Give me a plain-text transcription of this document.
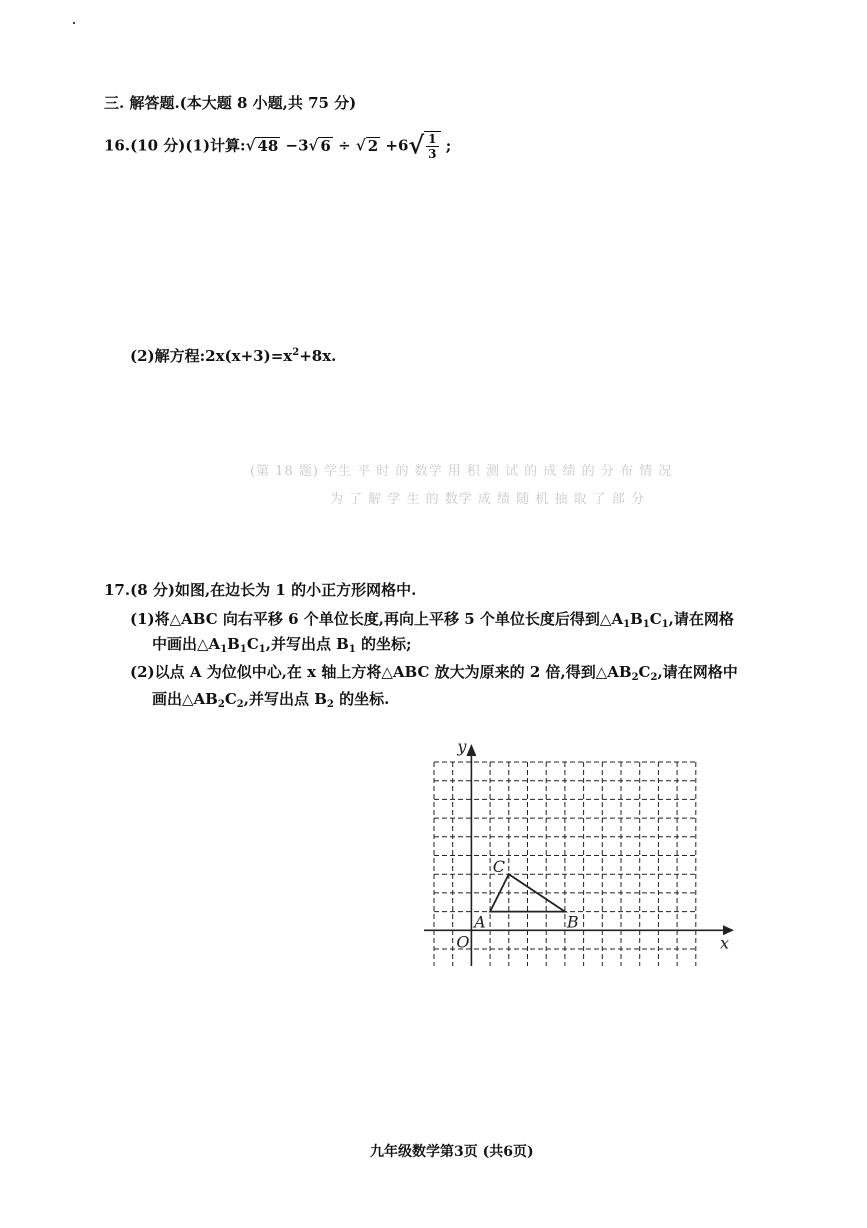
三. 解答题.(本大题 8 小题,共 75 分)
16.(10 分)(1)计算:√ 48 −3√ 6 ÷ √ $2 +6√ \frac{1}{3}$ ;
(2)解方程$:2x(x+3)=x^2+8x$.
(第 18 题) 学生 平 时 的 数学 用 积 测 试 的 成 绩 的 分 布 情 况
为 了 解 学 生 的 数学 成 绩 随 机 抽 取 了 部 分
17.(8 分)如图,在边长为 1 的小正方形网格中.
(1)将△ABC 向右平移 6 个单位长度,再向上平移 5 个单位长度后得到$\triangle A_1B_1C_1$,请在网格
中画出$\triangle A_1B_1C_1$,并写出点 $B_1$ 的坐标;
(2)以点 A 为位似中心,在 x 轴上方将△ABC 放大为原来的 2 倍,得到$\triangle AB_2C_2$,请在网格中
画出$\triangle AB_2C_2$,并写出点 $B_2$ 的坐标.
y
x
O
A	B
C
九年级数学第3页 (共6页)
